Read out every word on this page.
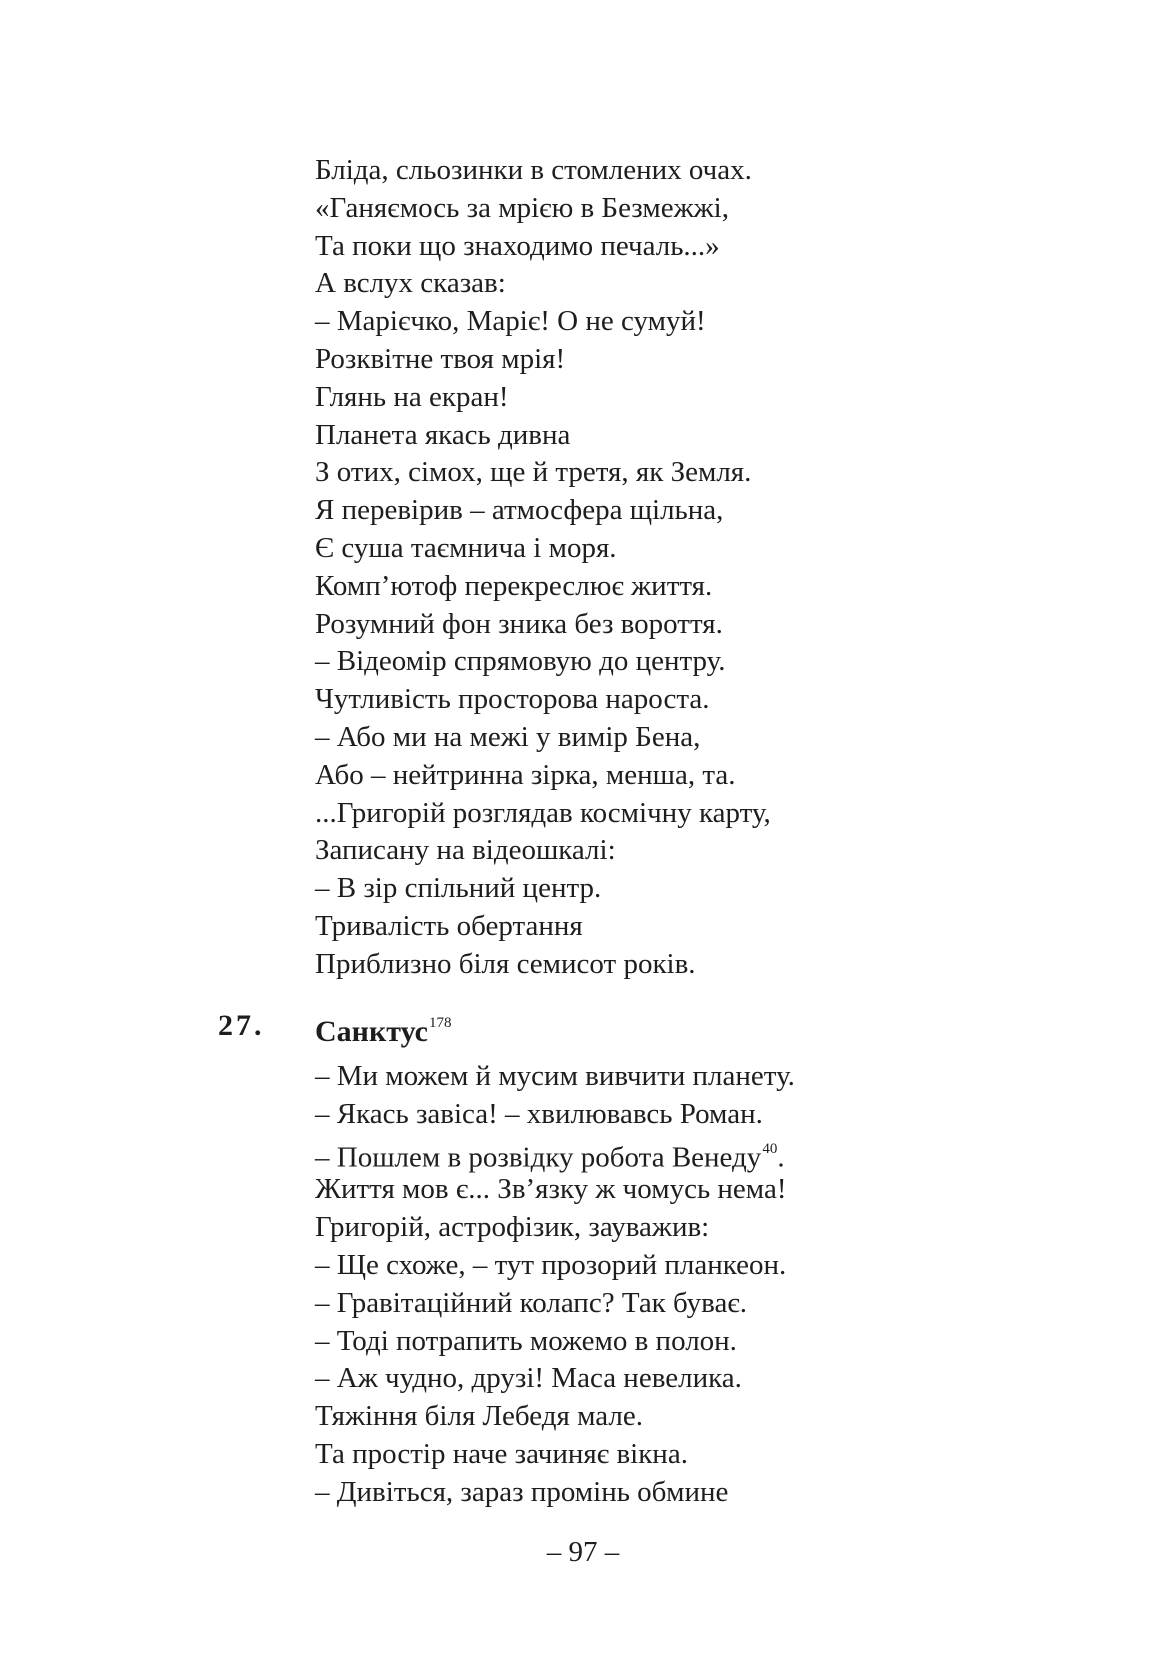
Бліда, сльозинки в стомлених очах.
«Ганяємось за мрією в Безмежжі,
Та поки що знаходимо печаль...»
А вслух сказав:
– Марієчко, Маріє! О не сумуй!
Розквітне твоя мрія!
Глянь на екран!
Планета якась дивна
З отих, сімох, ще й третя, як Земля.
Я перевірив – атмосфера щільна,
Є суша таємнича і моря.
Комп’ютоф перекреслює життя.
Розумний фон зника без вороття.
– Відеомір спрямовую до центру.
Чутливість просторова нароста.
– Або ми на межі у вимір Бена,
Або – нейтринна зірка, менша, та.
...Григорій розглядав космічну карту,
Записану на відеошкалі:
– В зір спільний центр.
Тривалість обертання
Приблизно біля семисот років.
27. Санктус$^{178}$
– Ми можем й мусим вивчити планету.
– Якась завіса! – хвилювавсь Роман.
– Пошлем в розвідку робота Венеду$^{40}$.
Життя мов є... Зв’язку ж чомусь нема!
Григорій, астрофізик, зауважив:
– Ще схоже, – тут прозорий планкеон.
– Гравітаційний колапс? Так буває.
– Тоді потрапить можемо в полон.
– Аж чудно, друзі! Маса невелика.
Тяжіння біля Лебедя мале.
Та простір наче зачиняє вікна.
– Дивіться, зараз промінь обмине
– 97 –
